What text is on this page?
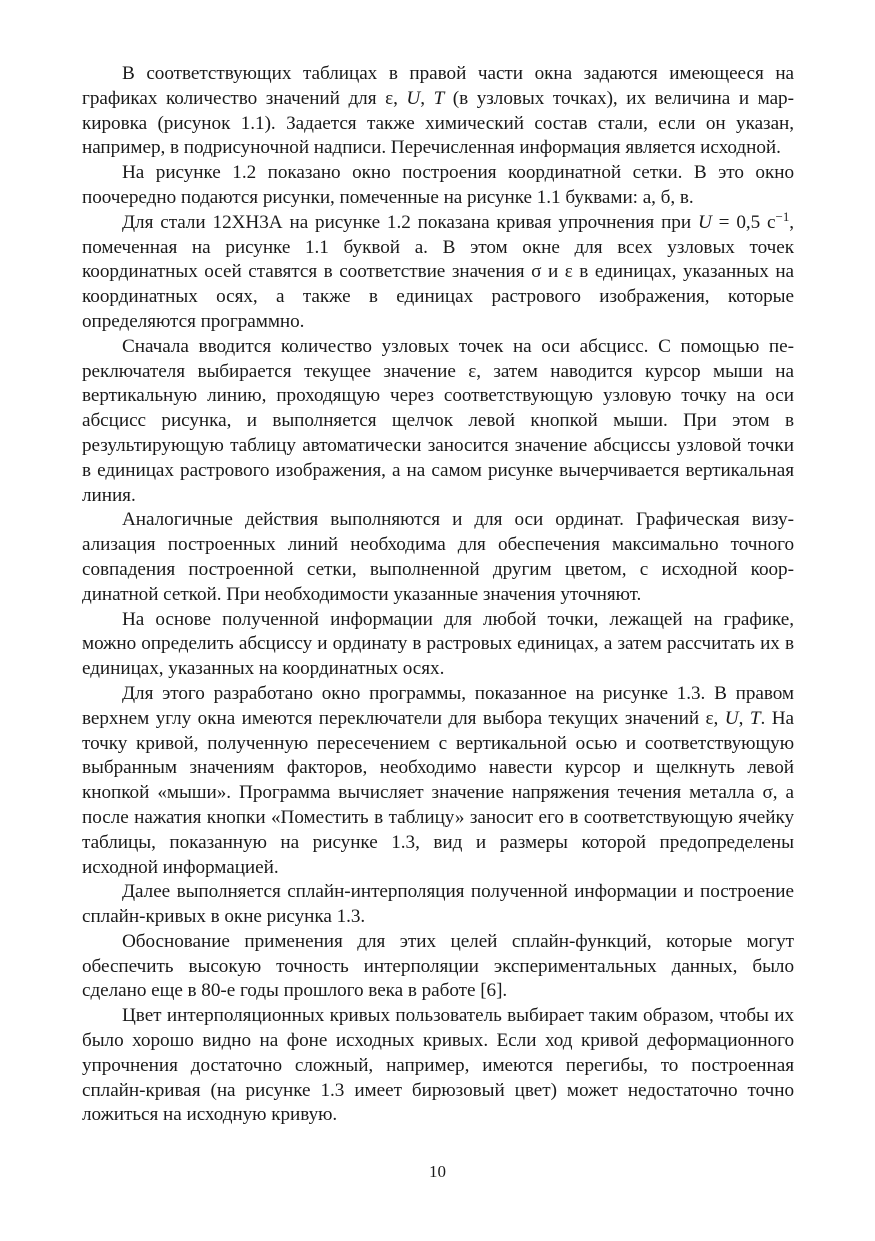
В соответствующих таблицах в правой части окна задаются имеющееся на графиках количество значений для ε, U, T (в узловых точках), их величина и маркировка (рисунок 1.1). Задается также химический состав стали, если он указан, например, в подрисуночной надписи. Перечисленная информация является исходной.

На рисунке 1.2 показано окно построения координатной сетки. В это окно поочередно подаются рисунки, помеченные на рисунке 1.1 буквами: а, б, в.

Для стали 12ХН3А на рисунке 1.2 показана кривая упрочнения при U = 0,5 $с^{-1}$, помеченная на рисунке 1.1 буквой а. В этом окне для всех узловых точек координатных осей ставятся в соответствие значения σ и ε в единицах, указанных на координатных осях, а также в единицах растрового изображения, которые определяются программно.

Сначала вводится количество узловых точек на оси абсцисс. С помощью переключателя выбирается текущее значение ε, затем наводится курсор мыши на вертикальную линию, проходящую через соответствующую узловую точку на оси абсцисс рисунка, и выполняется щелчок левой кнопкой мыши. При этом в результирующую таблицу автоматически заносится значение абсциссы узловой точки в единицах растрового изображения, а на самом рисунке вычерчивается вертикальная линия.

Аналогичные действия выполняются и для оси ординат. Графическая визуализация построенных линий необходима для обеспечения максимально точного совпадения построенной сетки, выполненной другим цветом, с исходной координатной сеткой. При необходимости указанные значения уточняют.

На основе полученной информации для любой точки, лежащей на графике, можно определить абсциссу и ординату в растровых единицах, а затем рассчитать их в единицах, указанных на координатных осях.

Для этого разработано окно программы, показанное на рисунке 1.3. В правом верхнем углу окна имеются переключатели для выбора текущих значений ε, U, T. На точку кривой, полученную пересечением с вертикальной осью и соответствующую выбранным значениям факторов, необходимо навести курсор и щелкнуть левой кнопкой «мыши». Программа вычисляет значение напряжения течения металла σ, а после нажатия кнопки «Поместить в таблицу» заносит его в соответствующую ячейку таблицы, показанную на рисунке 1.3, вид и размеры которой предопределены исходной информацией.

Далее выполняется сплайн-интерполяция полученной информации и построение сплайн-кривых в окне рисунка 1.3.

Обоснование применения для этих целей сплайн-функций, которые могут обеспечить высокую точность интерполяции экспериментальных данных, было сделано еще в 80-е годы прошлого века в работе [6].

Цвет интерполяционных кривых пользователь выбирает таким образом, чтобы их было хорошо видно на фоне исходных кривых. Если ход кривой деформационного упрочнения достаточно сложный, например, имеются перегибы, то построенная сплайн-кривая (на рисунке 1.3 имеет бирюзовый цвет) может недостаточно точно ложиться на исходную кривую.

10
